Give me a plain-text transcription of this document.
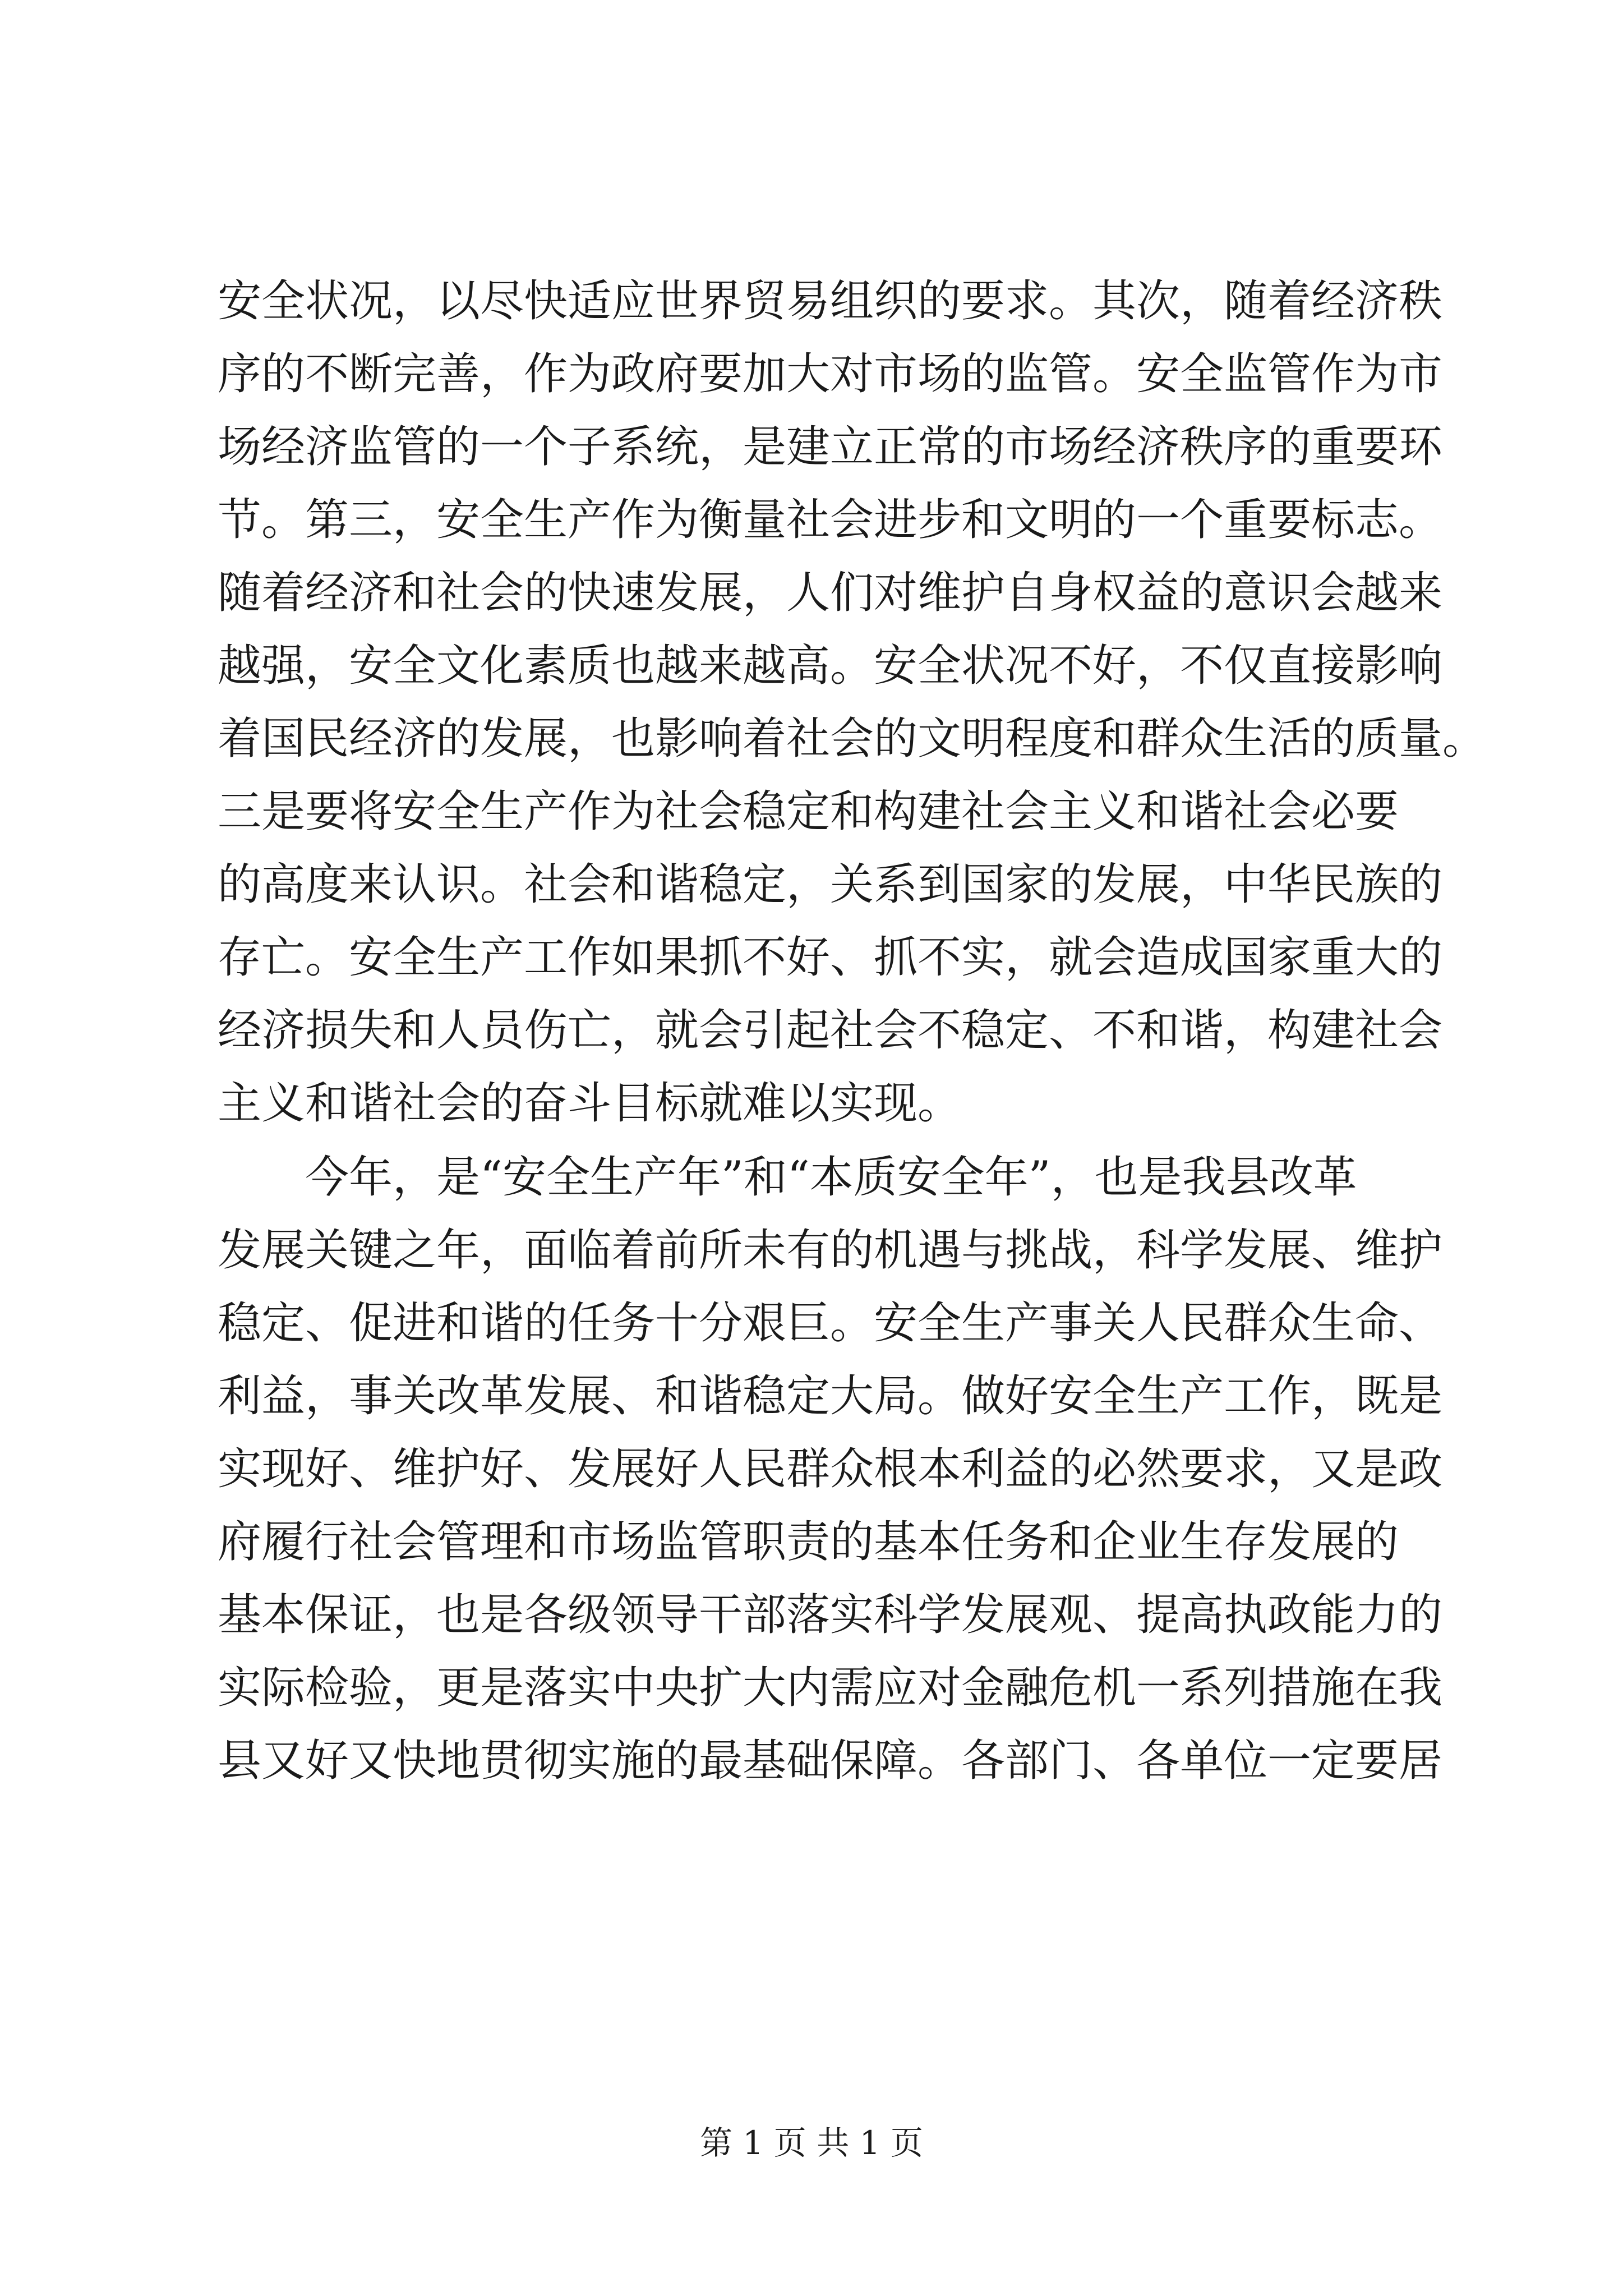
安全状况，以尽快适应世界贸易组织的要求。其次，随着经济秩
序的不断完善，作为政府要加大对市场的监管。安全监管作为市
场经济监管的一个子系统，是建立正常的市场经济秩序的重要环
节。第三，安全生产作为衡量社会进步和文明的一个重要标志。
随着经济和社会的快速发展，人们对维护自身权益的意识会越来
越强，安全文化素质也越来越高。安全状况不好，不仅直接影响
着国民经济的发展，也影响着社会的文明程度和群众生活的质量。
三是要将安全生产作为社会稳定和构建社会主义和谐社会必要
的高度来认识。社会和谐稳定，关系到国家的发展，中华民族的
存亡。安全生产工作如果抓不好、抓不实，就会造成国家重大的
经济损失和人员伤亡，就会引起社会不稳定、不和谐，构建社会
主义和谐社会的奋斗目标就难以实现。
今年，是“安全生产年”和“本质安全年”，也是我县改革
发展关键之年，面临着前所未有的机遇与挑战，科学发展、维护
稳定、促进和谐的任务十分艰巨。安全生产事关人民群众生命、
利益，事关改革发展、和谐稳定大局。做好安全生产工作，既是
实现好、维护好、发展好人民群众根本利益的必然要求，又是政
府履行社会管理和市场监管职责的基本任务和企业生存发展的
基本保证，也是各级领导干部落实科学发展观、提高执政能力的
实际检验，更是落实中央扩大内需应对金融危机一系列措施在我
县又好又快地贯彻实施的最基础保障。各部门、各单位一定要居
第 1 页 共 1 页
